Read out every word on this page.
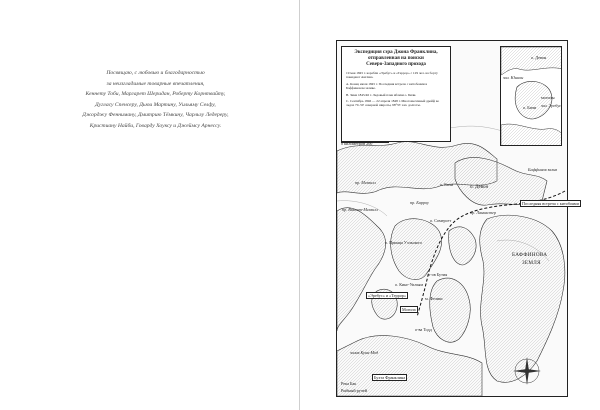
Посвящаю, с любовью и благодарностью

за неизгладимые товарные впечатления,

Кеннету Тоби, Маргарет Шеридан, Роберту Корнтвайту,

Дугласу Спенсеру, Дьюи Мартину, Уильяму Селфу,

Джорджу Фенниману, Дмитрию Тёмкину, Чарльзу Ледереру,

Кристиану Найби, Говарду Хоуксу и Джеймсу Арнессу.

Экспедиция сэра Джона Франклина,
отправленная на поиски
Северо-Западного прохода
19 мая 1845 г. корабли «Эребус» и «Террор» с 129 чел. на борту покидают Англию.
A. Конец июля 1845 г. Последняя встреча с китобоями в Баффиновом заливе.
B. Зима 1845/46 г. Ледовый плен вблизи о. Бичи.
C. Сентябрь 1846 — 22 апреля 1848 г. Многомесячный дрейф во льдах 70–50' северной широты, 98°35' зап. долготы.
о. Девон
зал. Юнион
о. Бичи
могилы
зал. Эребус
0 километров 200
о. Девон
о. Бичи
Баффинов залив
пр. Мелвилл
пр. Барроу
пр. Ланкастер
Последняя встреча с китобоями
пр. Виконт-Мелвилл
о. Сомерсет
о. Принца Уэльского
БАФФИНОВА
ЗЕМЛЯ
п-ов Бутия
о. Кинг-Уильям
«Эребус» и «Террор»
м. Феликс
о-ва Тодд
Река Бак
Рыбный ручей
залив Куин-Мод
Могила
Бухта Франклина
